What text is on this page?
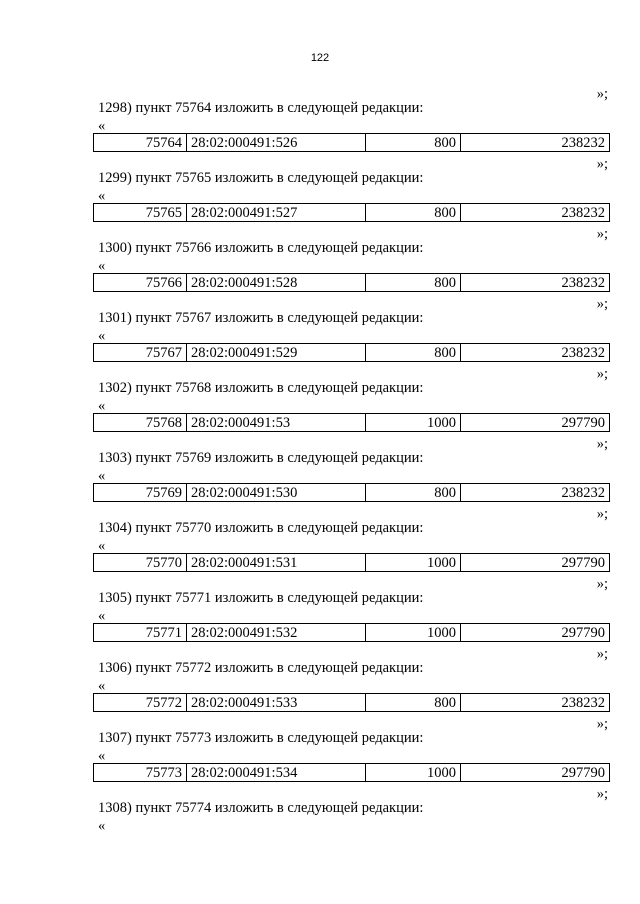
122
»;
1298) пункт 75764 изложить в следующей редакции:
«
75764	28:02:000491:526	800	238232
»;
1299) пункт 75765 изложить в следующей редакции:
«
75765	28:02:000491:527	800	238232
»;
1300) пункт 75766 изложить в следующей редакции:
«
75766	28:02:000491:528	800	238232
»;
1301) пункт 75767 изложить в следующей редакции:
«
75767	28:02:000491:529	800	238232
»;
1302) пункт 75768 изложить в следующей редакции:
«
75768	28:02:000491:53	1000	297790
»;
1303) пункт 75769 изложить в следующей редакции:
«
75769	28:02:000491:530	800	238232
»;
1304) пункт 75770 изложить в следующей редакции:
«
75770	28:02:000491:531	1000	297790
»;
1305) пункт 75771 изложить в следующей редакции:
«
75771	28:02:000491:532	1000	297790
»;
1306) пункт 75772 изложить в следующей редакции:
«
75772	28:02:000491:533	800	238232
»;
1307) пункт 75773 изложить в следующей редакции:
«
75773	28:02:000491:534	1000	297790
»;
1308) пункт 75774 изложить в следующей редакции:
«
